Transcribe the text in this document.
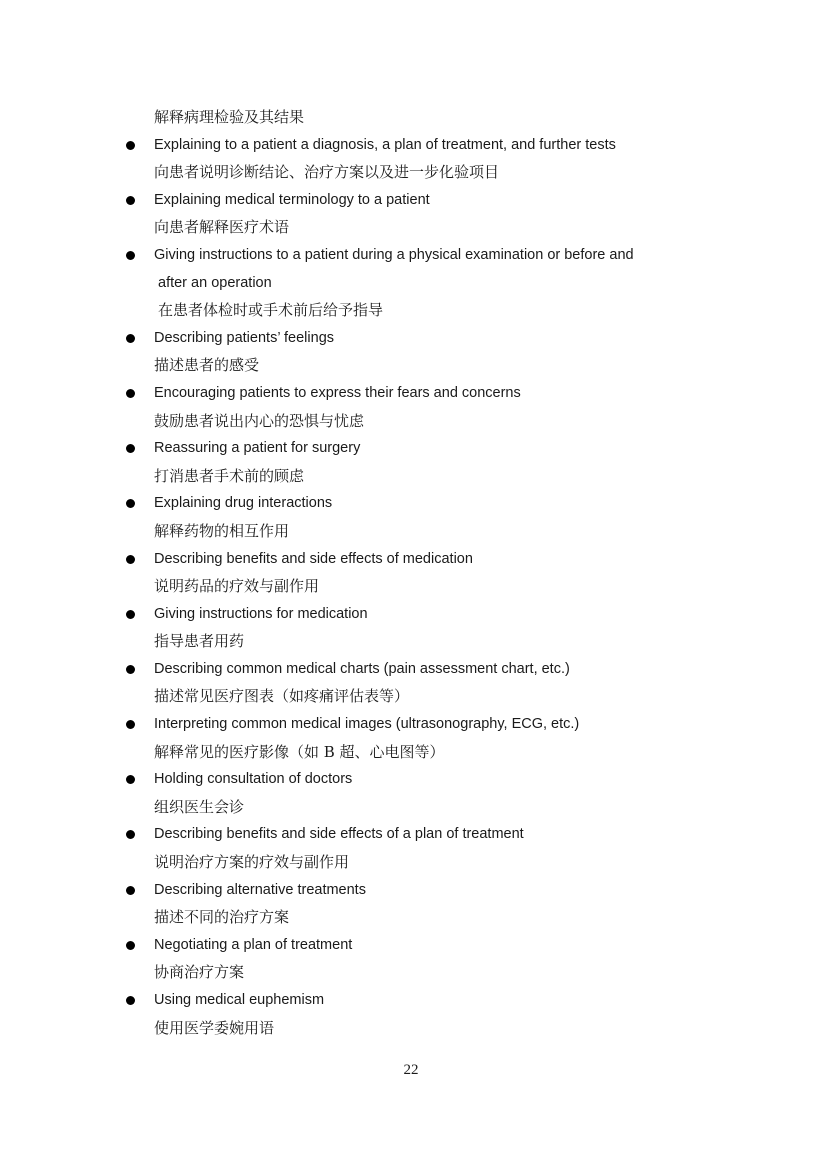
解释病理检验及其结果
Explaining to a patient a diagnosis, a plan of treatment, and further tests
向患者说明诊断结论、治疗方案以及进一步化验项目
Explaining medical terminology to a patient
向患者解释医疗术语
Giving instructions to a patient during a physical examination or before and
after an operation
在患者体检时或手术前后给予指导
Describing patients’ feelings
描述患者的感受
Encouraging patients to express their fears and concerns
鼓励患者说出内心的恐惧与忧虑
Reassuring a patient for surgery
打消患者手术前的顾虑
Explaining drug interactions
解释药物的相互作用
Describing benefits and side effects of medication
说明药品的疗效与副作用
Giving instructions for medication
指导患者用药
Describing common medical charts (pain assessment chart, etc.)
描述常见医疗图表（如疼痛评估表等）
Interpreting common medical images (ultrasonography, ECG, etc.)
解释常见的医疗影像（如 B 超、心电图等）
Holding consultation of doctors
组织医生会诊
Describing benefits and side effects of a plan of treatment
说明治疗方案的疗效与副作用
Describing alternative treatments
描述不同的治疗方案
Negotiating a plan of treatment
协商治疗方案
Using medical euphemism
使用医学委婉用语
22
